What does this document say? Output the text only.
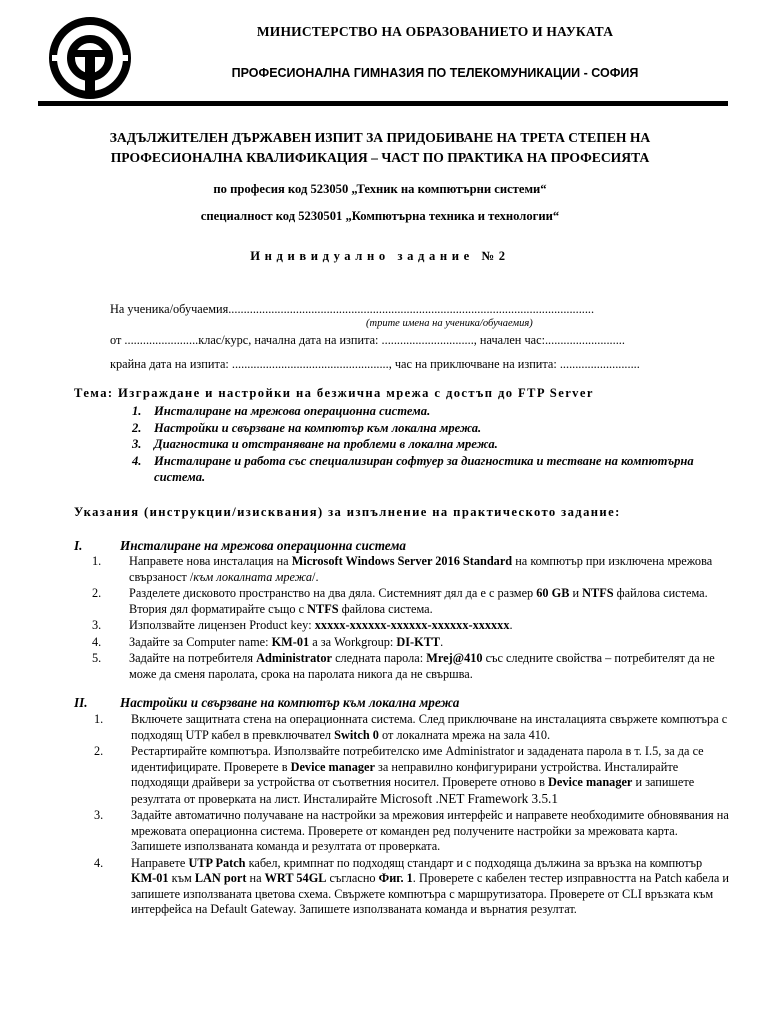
МИНИСТЕРСТВО НА ОБРАЗОВАНИЕТО И НАУКАТА
ПРОФЕСИОНАЛНА ГИМНАЗИЯ ПО ТЕЛЕКОМУНИКАЦИИ - СОФИЯ
ЗАДЪЛЖИТЕЛЕН ДЪРЖАВЕН ИЗПИТ ЗА ПРИДОБИВАНЕ НА ТРЕТА СТЕПЕН НА
ПРОФЕСИОНАЛНА КВАЛИФИКАЦИЯ – ЧАСТ ПО ПРАКТИКА НА ПРОФЕСИЯТА
по професия код 523050 „Техник на компютърни системи“
специалност код 5230501 „Компютърна техника и технологии“
Индивидуално задание №2
На ученика/обучаемия.......................................................................................................................
(трите имена на ученика/обучаемия)
от ........................клас/курс, начална дата на изпита: .............................., начален час:..........................
крайна дата на изпита: ..................................................., час на приключване на изпита: ..........................
Тема: Изграждане и настройки на безжична мрежа с достъп до FTP Server
1. Инсталиране на мрежова операционна система.
2. Настройки и свързване на компютър към локална мрежа.
3. Диагностика и отстраняване на проблеми в локална мрежа.
4. Инсталиране и работа със специализиран софтуер за диагностика и тестване на компютърна система.
Указания (инструкции/изисквания) за изпълнение на практическото задание:
I.	Инсталиране на мрежова операционна система
1. Направете нова инсталация на Microsoft Windows Server 2016 Standard на компютър при изключена мрежова свързаност /към локалната мрежа/.
2. Разделете дисковото пространство на два дяла. Системният дял да е с размер 60 GB и NTFS файлова система. Втория дял форматирайте също с NTFS файлова система.
3. Използвайте лицензен Product key: xxxxx-xxxxxx-xxxxxx-xxxxxx-xxxxxx.
4. Задайте за Computer name: KM-01 а за Workgroup: DI-KTT.
5. Задайте на потребителя Administrator следната парола: Mrej@410 със следните свойства – потребителят да не може да сменя паролата, срока на паролата никога да не свършва.
II. Настройки и свързване на компютър към локална мрежа
1. Включете защитната стена на операционната система. След приключване на инсталацията свържете компютъра с подходящ UTP кабел в превключвател Switch 0 от локалната мрежа на зала 410.
2. Рестартирайте компютъра. Използвайте потребителско име Administrator и зададената парола в т. I.5, за да се идентифицирате. Проверете в Device manager за неправилно конфигурирани устройства. Инсталирайте подходящи драйвери за устройства от съответния носител. Проверете отново в Device manager и запишете резултата от проверката на лист. Инсталирайте Microsoft .NET Framework 3.5.1
3. Задайте автоматично получаване на настройки за мрежовия интерфейс и направете необходимите обновявания на мрежовата операционна система. Проверете от команден ред получените настройки за мрежовата карта. Запишете използваната команда и резултата от проверката.
4. Направете UTP Patch кабел, кримпнат по подходящ стандарт и с подходяща дължина за връзка на компютър KM-01 към LAN port на WRT 54GL съгласно Фиг. 1. Проверете с кабелен тестер изправността на Patch кабела и запишете използваната цветова схема. Свържете компютъра с маршрутизатора. Проверете от CLI връзката към интерфейса на Default Gateway. Запишете използваната команда и върнатия резултат.
